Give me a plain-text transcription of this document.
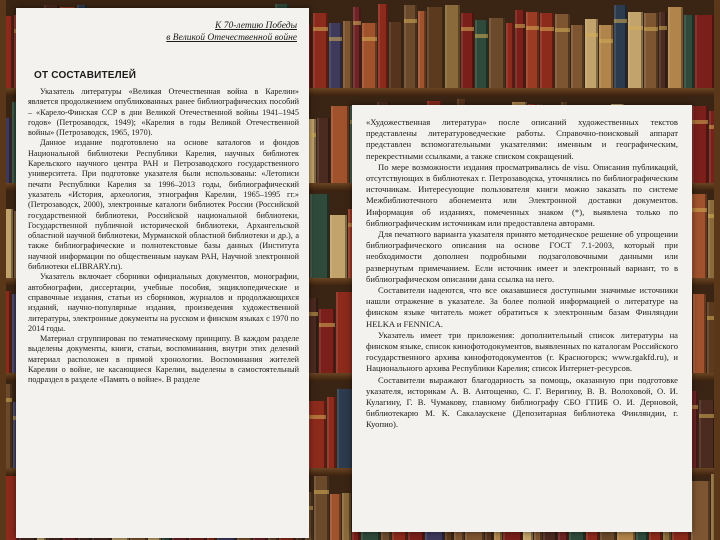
К 70-летию Победы
в Великой Отечественной войне
ОТ СОСТАВИТЕЛЕЙ

Указатель литературы «Великая Отечественная война в Карелии» является продолжением опубликованных ранее библиографических пособий – «Карело-Финская ССР в дни Великой Отечественной войны 1941–1945 годов» (Петрозаводск, 1949); «Карелия в годы Великой Отечественной войны» (Петрозаводск, 1965, 1970).

Данное издание подготовлено на основе каталогов и фондов Национальной библиотеки Республики Карелия, научных библиотек Карельского научного центра РАН и Петрозаводского государственного университета. При подготовке указателя были использованы: «Летописи печати Республики Карелия за 1996–2013 годы, библиографический указатель «История, археология, этнография Карелии, 1965–1995 гг.» (Петрозаводск, 2000), электронные каталоги библиотек России (Российской государственной библиотеки, Российской национальной библиотеки, Государственной публичной исторической библиотеки, Архангельской областной научной библиотеки, Мурманской областной библиотеки и др.), а также библиографические и полнотекстовые базы данных (Института научной информации по общественным наукам РАН, Научной электронной библиотеки eLIBRARY.ru).

Указатель включает сборники официальных документов, монографии, автобиографии, диссертации, учебные пособия, энциклопедические и справочные издания, статьи из сборников, журналов и продолжающихся изданий, научно-популярные издания, произведения художественной литературы, электронные документы на русском и финском языках с 1970 по 2014 годы.

Материал сгруппирован по тематическому принципу. В каждом разделе выделены документы, книги, статьи, воспоминания, внутри этих делений материал расположен в прямой хронологии. Воспоминания жителей Карелии о войне, не касающиеся Карелии, выделены в самостоятельный подраздел в разделе «Память о войне». В разделе

«Художественная литература» после описаний художественных текстов представлены литературоведческие работы. Справочно-поисковый аппарат представлен вспомогательными указателями: именным и географическим, перекрестными ссылками, а также списком сокращений.

По мере возможности издания просматривались de visu. Описания публикаций, отсутствующих в библиотеках г. Петрозаводска, уточнялись по библиографическим источникам. Интересующие пользователя книги можно заказать по системе Межбиблиотечного абонемента или Электронной доставки документов. Информация об изданиях, помеченных знаком (*), выявлена только по библиографическим источникам или предоставлена авторами.

Для печатного варианта указателя принято методическое решение об упрощении библиографического описания на основе ГОСТ 7.1-2003, который при необходимости дополнен подробными подзаголовочными данными или развернутым примечанием. Если источник имеет и электронный вариант, то в библиографическом описании дана ссылка на него.

Составители надеются, что все оказавшиеся доступными значимые источники нашли отражение в указателе. За более полной информацией о литературе на финском языке читатель может обратиться к электронным базам Финляндии HELKA и FENNICA.

Указатель имеет три приложения: дополнительный список литературы на финском языке, список кинофотодокументов, выявленных по каталогам Российского государственного архива кинофотодокументов (г. Красногорск; www.rgakfd.ru), и Национального архива Республики Карелия; список Интернет-ресурсов.

Составители выражают благодарность за помощь, оказанную при подготовке указателя, историкам А. В. Антощенко, С. Г. Веригину, В. В. Волоховой, О. И. Кулагину, Г. В. Чумакову, главному библиографу СБО ГПИБ О. И. Дерновой, библиотекарю М. К. Сакалаускене (Депозитарная библиотека Финляндии, г. Куопио).
